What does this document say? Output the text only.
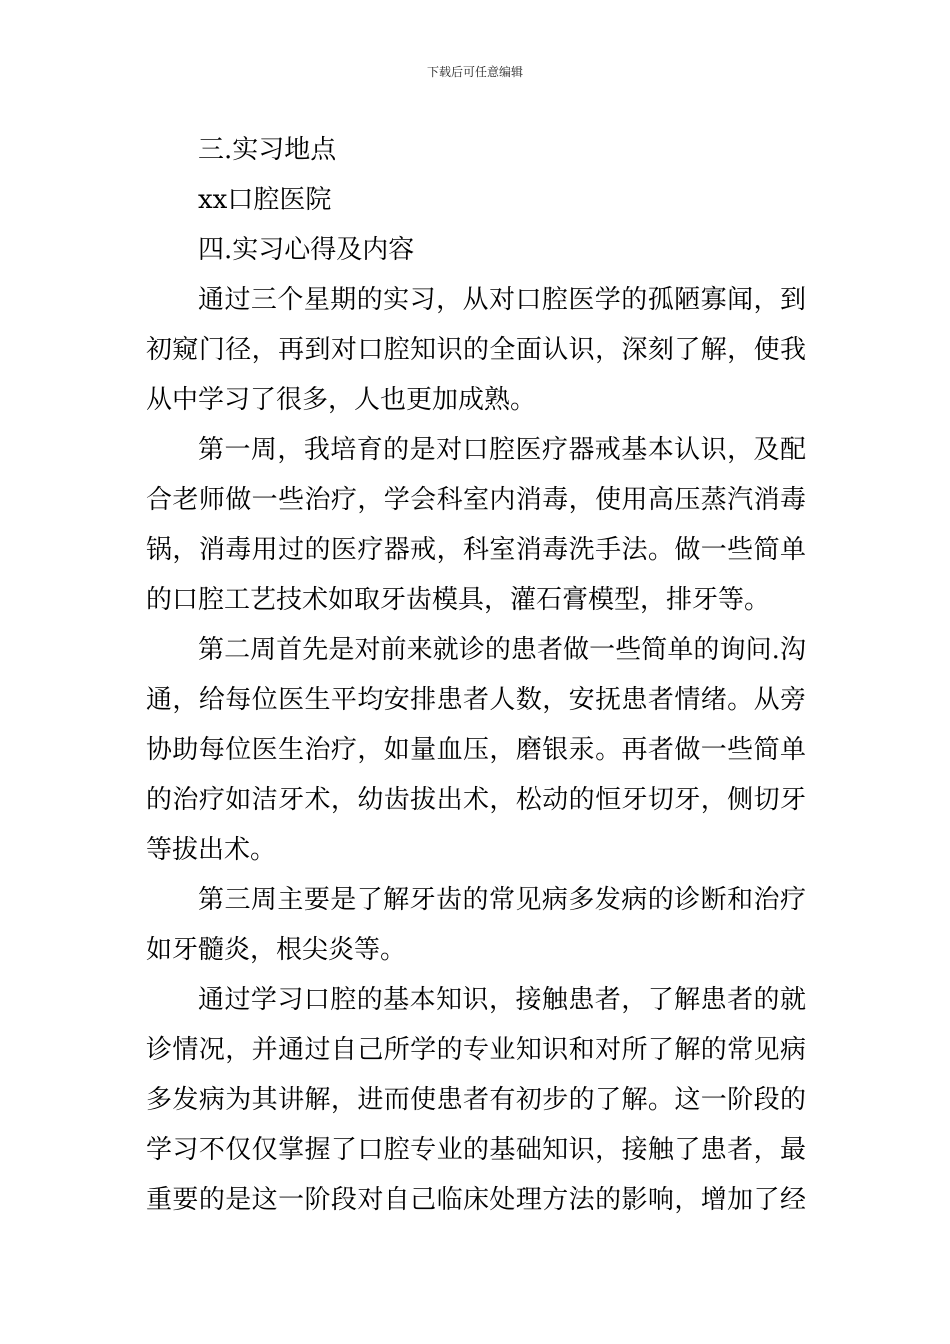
下载后可任意编辑
三.实习地点
xx口腔医院
四.实习心得及内容
通过三个星期的实习，从对口腔医学的孤陋寡闻，到
初窥门径，再到对口腔知识的全面认识，深刻了解，使我
从中学习了很多，人也更加成熟。
第一周，我培育的是对口腔医疗器戒基本认识，及配
合老师做一些治疗，学会科室内消毒，使用高压蒸汽消毒
锅，消毒用过的医疗器戒，科室消毒洗手法。做一些简单
的口腔工艺技术如取牙齿模具，灌石膏模型，排牙等。
第二周首先是对前来就诊的患者做一些简单的询问.沟
通，给每位医生平均安排患者人数，安抚患者情绪。从旁
协助每位医生治疗，如量血压，磨银汞。再者做一些简单
的治疗如洁牙术，幼齿拔出术，松动的恒牙切牙，侧切牙
等拔出术。
第三周主要是了解牙齿的常见病多发病的诊断和治疗
如牙髓炎，根尖炎等。
通过学习口腔的基本知识，接触患者，了解患者的就
诊情况，并通过自己所学的专业知识和对所了解的常见病
多发病为其讲解，进而使患者有初步的了解。这一阶段的
学习不仅仅掌握了口腔专业的基础知识，接触了患者，最
重要的是这一阶段对自己临床处理方法的影响，增加了经
